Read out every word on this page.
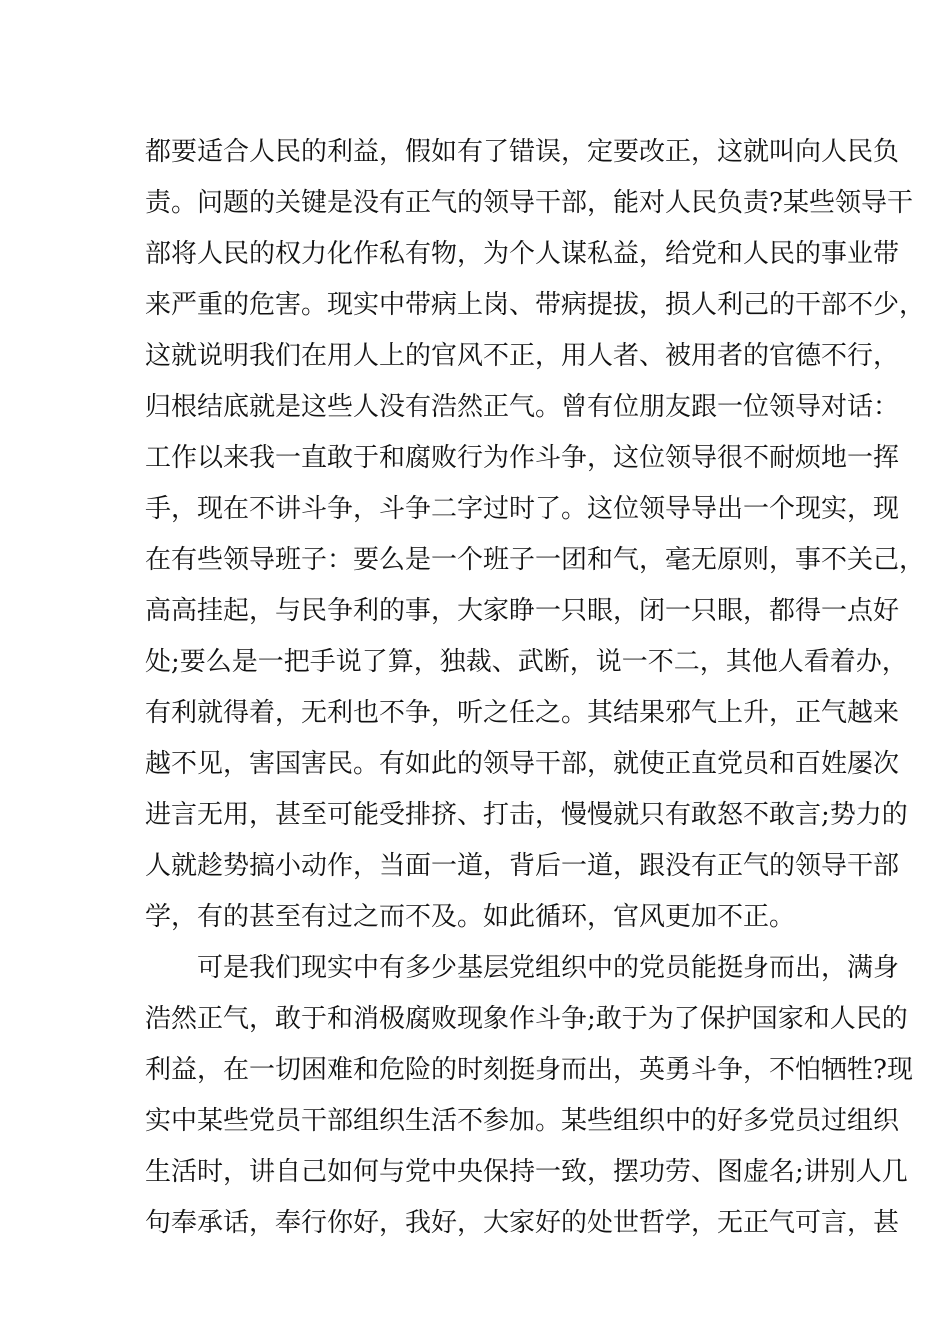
都要适合人民的利益，假如有了错误，定要改正，这就叫向人民负
责。问题的关键是没有正气的领导干部，能对人民负责?某些领导干
部将人民的权力化作私有物，为个人谋私益，给党和人民的事业带
来严重的危害。现实中带病上岗、带病提拔，损人利己的干部不少，
这就说明我们在用人上的官风不正，用人者、被用者的官德不行，
归根结底就是这些人没有浩然正气。曾有位朋友跟一位领导对话：
工作以来我一直敢于和腐败行为作斗争，这位领导很不耐烦地一挥
手，现在不讲斗争，斗争二字过时了。这位领导导出一个现实，现
在有些领导班子：要么是一个班子一团和气，毫无原则，事不关己，
高高挂起，与民争利的事，大家睁一只眼，闭一只眼，都得一点好
处;要么是一把手说了算，独裁、武断，说一不二，其他人看着办，
有利就得着，无利也不争，听之任之。其结果邪气上升，正气越来
越不见，害国害民。有如此的领导干部，就使正直党员和百姓屡次
进言无用，甚至可能受排挤、打击，慢慢就只有敢怒不敢言;势力的
人就趁势搞小动作，当面一道，背后一道，跟没有正气的领导干部
学，有的甚至有过之而不及。如此循环，官风更加不正。
可是我们现实中有多少基层党组织中的党员能挺身而出，满身
浩然正气，敢于和消极腐败现象作斗争;敢于为了保护国家和人民的
利益，在一切困难和危险的时刻挺身而出，英勇斗争，不怕牺牲?现
实中某些党员干部组织生活不参加。某些组织中的好多党员过组织
生活时，讲自己如何与党中央保持一致，摆功劳、图虚名;讲别人几
句奉承话，奉行你好，我好，大家好的处世哲学，无正气可言，甚
